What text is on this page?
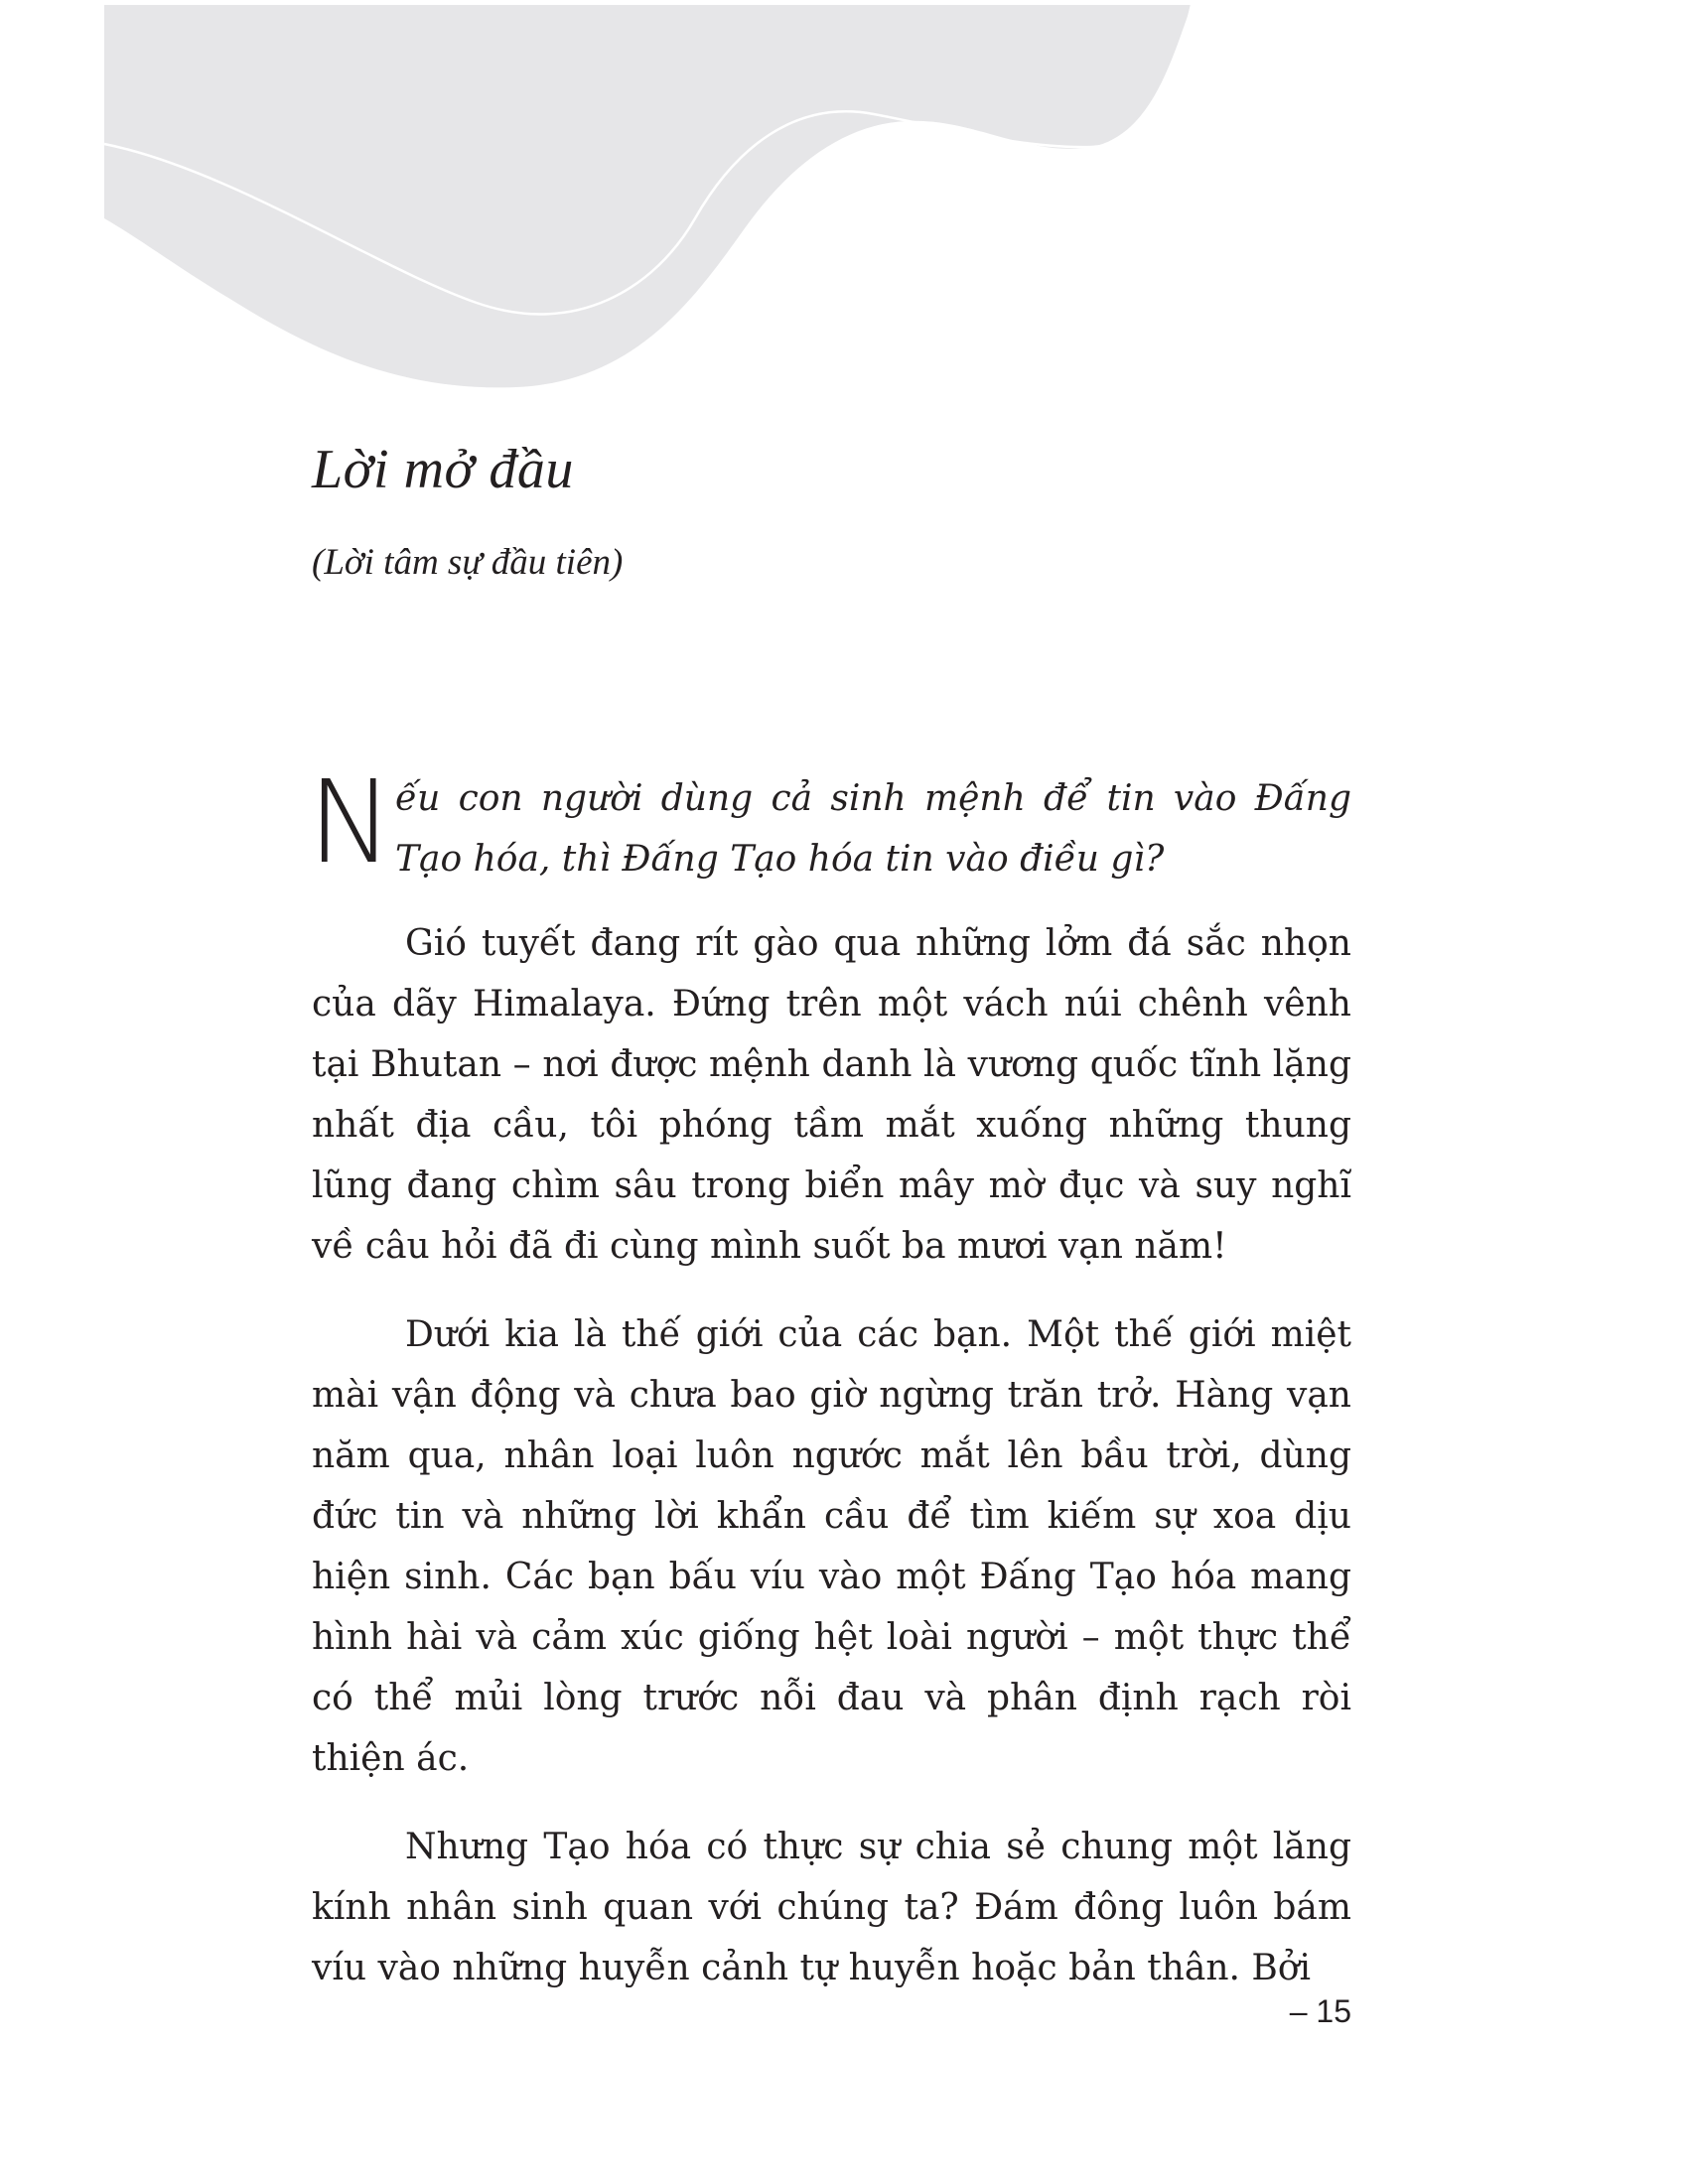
Lời mở đầu
(Lời tâm sự đầu tiên)
N ếu con người dùng cả sinh mệnh để tin vào Đấng Tạo hóa, thì Đấng Tạo hóa tin vào điều gì?

Gió tuyết đang rít gào qua những lởm đá sắc nhọn của dãy Himalaya. Đứng trên một vách núi chênh vênh tại Bhutan – nơi được mệnh danh là vương quốc tĩnh lặng nhất địa cầu, tôi phóng tầm mắt xuống những thung lũng đang chìm sâu trong biển mây mờ đục và suy nghĩ về câu hỏi đã đi cùng mình suốt ba mươi vạn năm!

Dưới kia là thế giới của các bạn. Một thế giới miệt mài vận động và chưa bao giờ ngừng trăn trở. Hàng vạn năm qua, nhân loại luôn ngước mắt lên bầu trời, dùng đức tin và những lời khẩn cầu để tìm kiếm sự xoa dịu hiện sinh. Các bạn bấu víu vào một Đấng Tạo hóa mang hình hài và cảm xúc giống hệt loài người – một thực thể có thể mủi lòng trước nỗi đau và phân định rạch ròi thiện ác.

Nhưng Tạo hóa có thực sự chia sẻ chung một lăng kính nhân sinh quan với chúng ta? Đám đông luôn bám víu vào những huyễn cảnh tự huyễn hoặc bản thân. Bởi

– 15
